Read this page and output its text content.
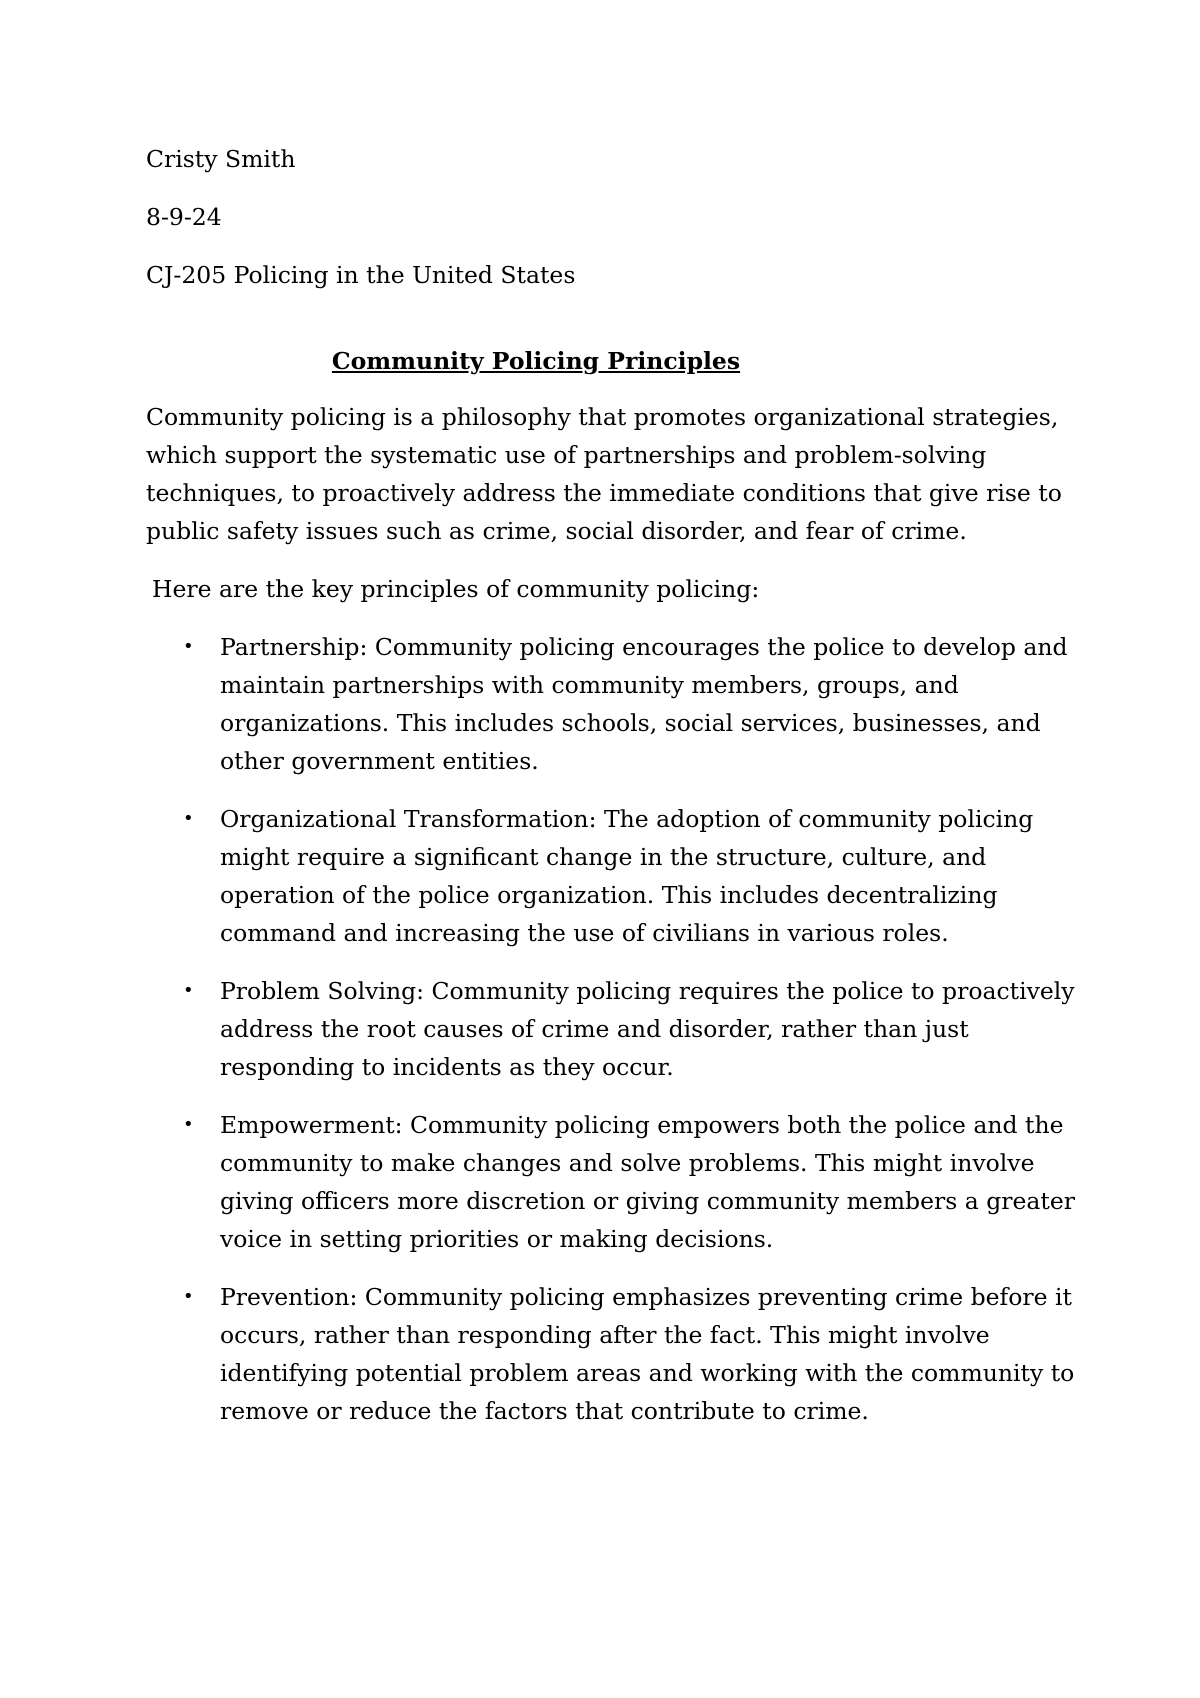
Cristy Smith

8-9-24

CJ-205 Policing in the United States

Community Policing Principles

Community policing is a philosophy that promotes organizational strategies,

which support the systematic use of partnerships and problem-solving

techniques, to proactively address the immediate conditions that give rise to

public safety issues such as crime, social disorder, and fear of crime.

Here are the key principles of community policing:

• Partnership: Community policing encourages the police to develop and

maintain partnerships with community members, groups, and

organizations. This includes schools, social services, businesses, and

other government entities.

• Organizational Transformation: The adoption of community policing

might require a significant change in the structure, culture, and

operation of the police organization. This includes decentralizing

command and increasing the use of civilians in various roles.

• Problem Solving: Community policing requires the police to proactively

address the root causes of crime and disorder, rather than just

responding to incidents as they occur.

• Empowerment: Community policing empowers both the police and the

community to make changes and solve problems. This might involve

giving officers more discretion or giving community members a greater

voice in setting priorities or making decisions.

• Prevention: Community policing emphasizes preventing crime before it

occurs, rather than responding after the fact. This might involve

identifying potential problem areas and working with the community to

remove or reduce the factors that contribute to crime.
